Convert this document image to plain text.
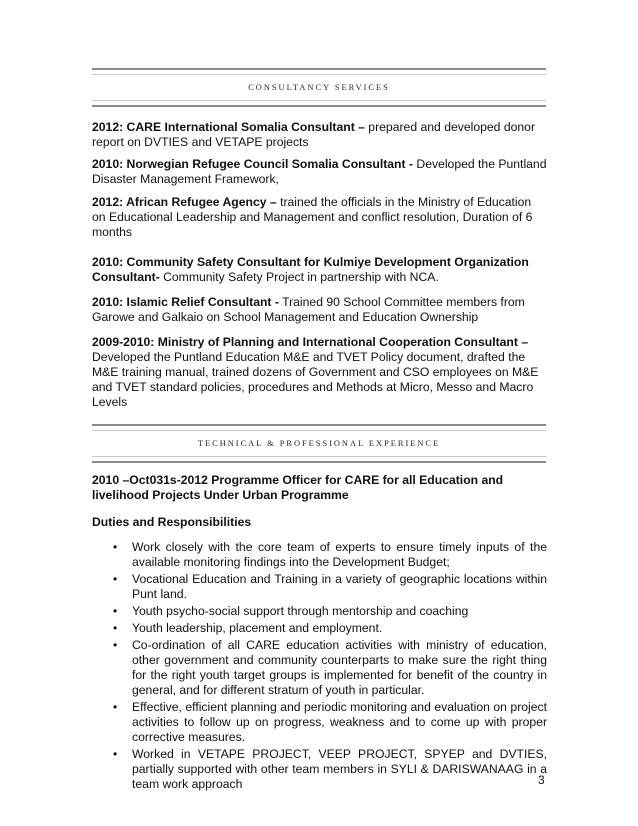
CONSULTANCY SERVICES

2012: CARE International Somalia Consultant – prepared and developed donor report on DVTIES and VETAPE projects

2010: Norwegian Refugee Council Somalia Consultant - Developed the Puntland Disaster Management Framework,

2012: African Refugee Agency – trained the officials in the Ministry of Education on Educational Leadership and Management and conflict resolution, Duration of 6 months

2010: Community Safety Consultant for Kulmiye Development Organization Consultant- Community Safety Project in partnership with NCA.

2010: Islamic Relief Consultant - Trained 90 School Committee members from Garowe and Galkaio on School Management and Education Ownership

2009-2010: Ministry of Planning and International Cooperation Consultant – Developed the Puntland Education M&E and TVET Policy document, drafted the M&E training manual, trained dozens of Government and CSO employees on M&E and TVET standard policies, procedures and Methods at Micro, Messo and Macro Levels

TECHNICAL & PROFESSIONAL EXPERIENCE

2010 –Oct031s-2012 Programme Officer for CARE for all Education and livelihood Projects Under Urban Programme

Duties and Responsibilities

• Work closely with the core team of experts to ensure timely inputs of the available monitoring findings into the Development Budget;
• Vocational Education and Training in a variety of geographic locations within Punt land.
• Youth psycho-social support through mentorship and coaching
• Youth leadership, placement and employment.
• Co-ordination of all CARE education activities with ministry of education, other government and community counterparts to make sure the right thing for the right youth target groups is implemented for benefit of the country in general, and for different stratum of youth in particular.
• Effective, efficient planning and periodic monitoring and evaluation on project activities to follow up on progress, weakness and to come up with proper corrective measures.
• Worked in VETAPE PROJECT, VEEP PROJECT, SPYEP and DVTIES, partially supported with other team members in SYLI & DARISWANAAG in a team work approach	3
